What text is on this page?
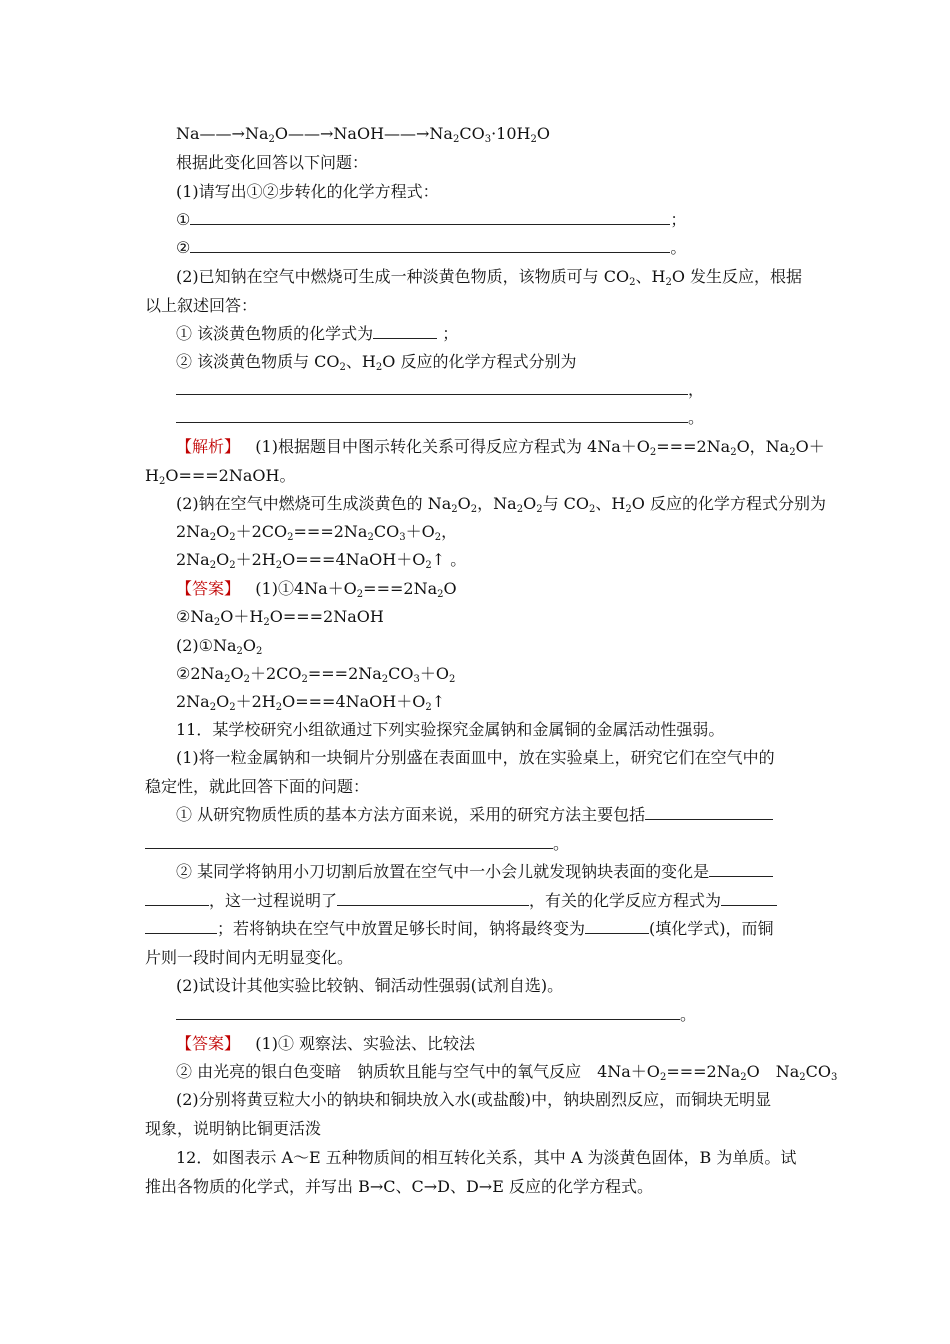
$Na——\to Na_2O——\to NaOH——\to Na_2CO_3\cdot 10H_2O$
根据此变化回答以下问题：
(1)请写出①②步转化的化学方程式：
①	；
②	。
(2)已知钠在空气中燃烧可生成一种淡黄色物质，该物质可与 $CO_2$、$H_2O$ 发生反应，根据
以上叙述回答：
① 该淡黄色物质的化学式为	；
② 该淡黄色物质与 $CO_2$、$H_2O$ 反应的化学方程式分别为
，
。
【解析】 (1)根据题目中图示转化关系可得反应方程式为 $4Na+O_2===2Na_2O$，$Na_2O+$
$H_2O===2NaOH$。
(2)钠在空气中燃烧可生成淡黄色的 $Na_2O_2$，$Na_2O_2$与 $CO_2$、$H_2O$ 反应的化学方程式分别为
$2Na_2O_2+2CO_2===2Na_2CO_3+O_2$，
$2Na_2O_2+2H_2O===4NaOH+O_2↑$ 。
【答案】 $(1)①4Na+O_2===2Na_2O$
$②Na_2O+H_2O===2NaOH$
$(2)①Na_2O_2$
$②2Na_2O_2+2CO_2===2Na_2CO_3+O_2$
$2Na_2O_2+2H_2O===4NaOH+O_2↑$
11．某学校研究小组欲通过下列实验探究金属钠和金属铜的金属活动性强弱。
(1)将一粒金属钠和一块铜片分别盛在表面皿中，放在实验桌上，研究它们在空气中的
稳定性，就此回答下面的问题：
① 从研究物质性质的基本方法方面来说，采用的研究方法主要包括
。
② 某同学将钠用小刀切割后放置在空气中一小会儿就发现钠块表面的变化是
，这一过程说明了	，有关的化学反应方程式为
；若将钠块在空气中放置足够长时间，钠将最终变为	(填化学式)，而铜
片则一段时间内无明显变化。
(2)试设计其他实验比较钠、铜活动性强弱(试剂自选)。
。
【答案】 (1)① 观察法、实验法、比较法
② 由光亮的银白色变暗　钠质软且能与空气中的氧气反应　$4Na+O_2===2Na_2O$　$Na_2CO_3$
(2)分别将黄豆粒大小的钠块和铜块放入水(或盐酸)中，钠块剧烈反应，而铜块无明显
现象，说明钠比铜更活泼
12．如图表示 A～E 五种物质间的相互转化关系，其中 A 为淡黄色固体，B 为单质。试
推出各物质的化学式，并写出 B→C、C→D、D→E 反应的化学方程式。
